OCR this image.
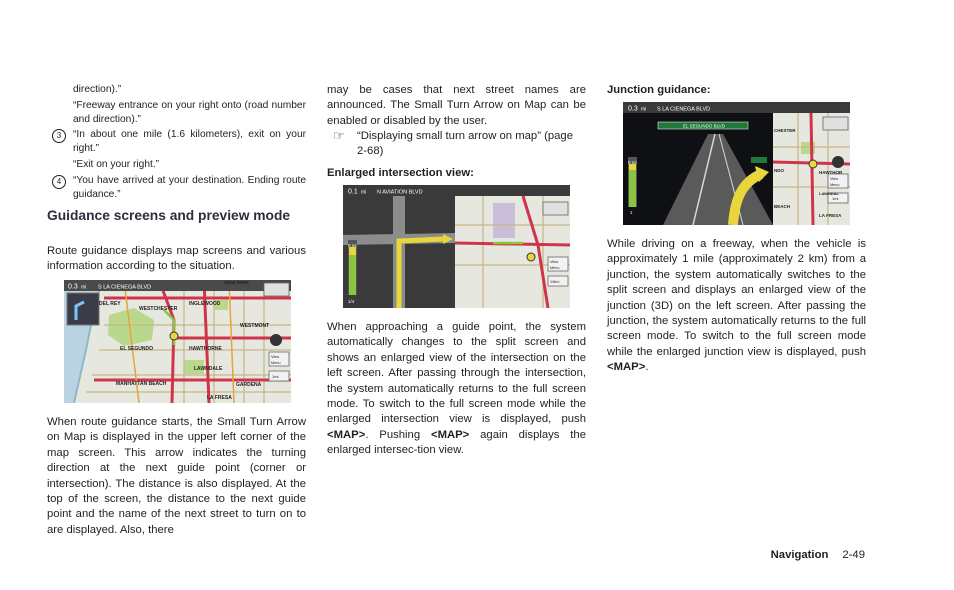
direction).”

“Freeway entrance on your right onto (road number and direction).”

3	“In about one mile (1.6 kilometers), exit on your right.”

“Exit on your right.”

4	“You have arrived at your destination. Ending route guidance.”
Guidance screens and preview mode

Route guidance displays map screens and various information according to the situation.

0.3 mi S LA CIENEGA BLVD
DEL REY
WESTCHESTER
INGLEWOOD
EL SEGUNDO	HAWTHORNE
WESTMONT
LAWNDALE
MANHATTAN BEACH	GARDENA
LA FRESA
VIEW PARK
View
Menu
1mi

When route guidance starts, the Small Turn Arrow on Map is displayed in the upper left corner of the map screen. This arrow indicates the turning direction at the next guide point (corner or intersection). The distance is also displayed. At the top of the screen, the distance to the next guide point and the name of the next street to turn on to are displayed. Also, there

may be cases that next street names are announced. The Small Turn Arrow on Map can be enabled or disabled by the user.

☞	“Displaying small turn arrow on map” (page 2-68)
Enlarged intersection view:
0.1 mi N AVIATION BLVD
0 mi
1/4
View
Menu
1/8mi

When approaching a guide point, the system automatically changes to the split screen and shows an enlarged view of the intersection on the left screen. After passing through the intersection, the system automatically returns to the full screen mode. To switch to the full screen mode while the enlarged intersection view is displayed, push <MAP>. Pushing <MAP> again displays the enlarged intersec-tion view.

Junction guidance:
0.3 mi S LA CIENEGA BLVD
EL SEGUNDO BLVD
0 mi
1
CHESTER
NDO	HAWTHOR
BEACH
LA FRESA
LAWNDAL
View
Menu
1mi

While driving on a freeway, when the vehicle is approximately 1 mile (approximately 2 km) from a junction, the system automatically switches to the split screen and displays an enlarged view of the junction (3D) on the left screen. After passing the junction, the system automatically returns to the full screen mode. To switch to the full screen mode while the enlarged junction view is displayed, push <MAP>.

Navigation 2-49
